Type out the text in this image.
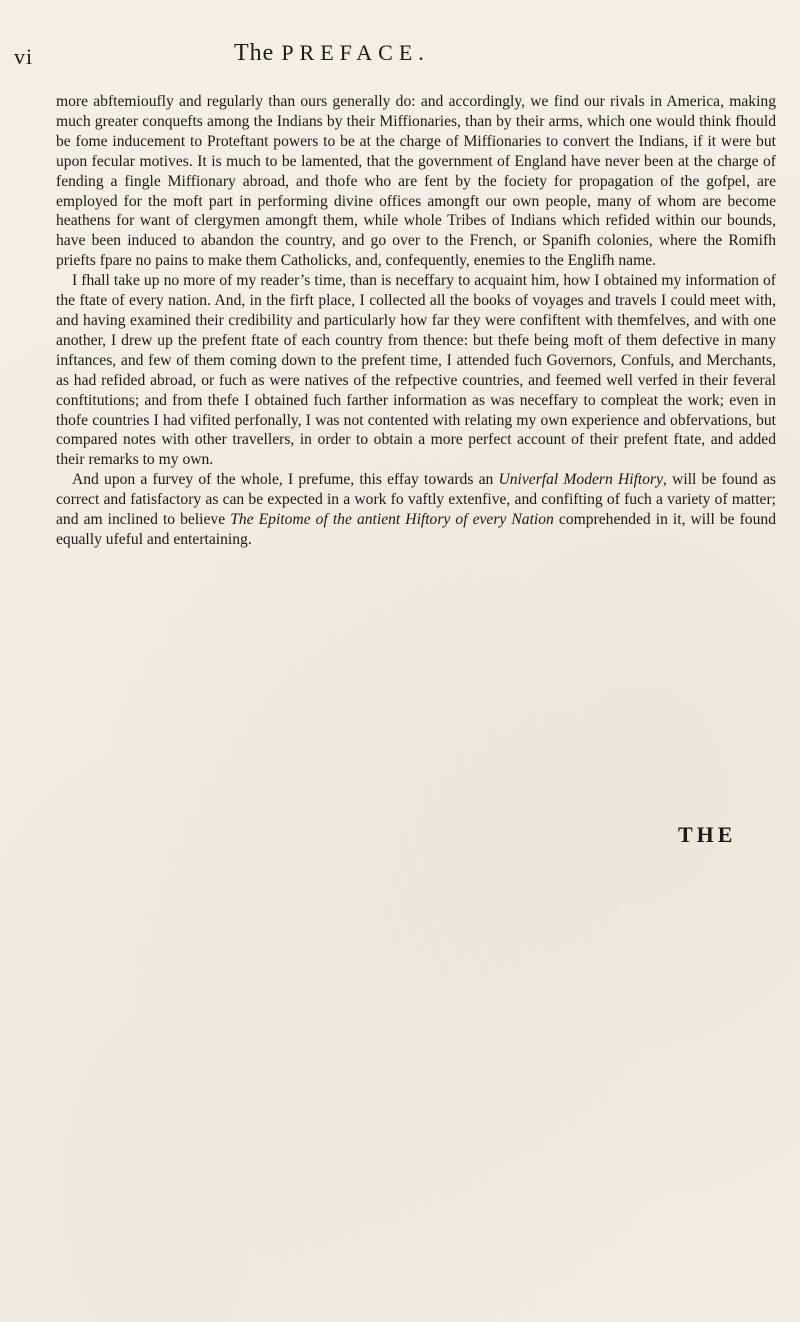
vi	The PREFACE.

more abftemioufly and regularly than ours generally do: and accordingly, we find our rivals in America, making much greater conquefts among the Indians by their Miffionaries, than by their arms, which one would think fhould be fome inducement to Proteftant powers to be at the charge of Miffionaries to convert the Indians, if it were but upon fecular motives. It is much to be lamented, that the government of England have never been at the charge of fending a fingle Miffionary abroad, and thofe who are fent by the fociety for propagation of the gofpel, are employed for the moft part in performing divine offices amongft our own people, many of whom are become heathens for want of clergymen amongft them, while whole Tribes of Indians which refided within our bounds, have been induced to abandon the country, and go over to the French, or Spanifh colonies, where the Romifh priefts fpare no pains to make them Catholicks, and, confequently, enemies to the Englifh name.

I fhall take up no more of my reader’s time, than is neceffary to acquaint him, how I obtained my information of the ftate of every nation. And, in the firft place, I collected all the books of voyages and travels I could meet with, and having examined their credibility and particularly how far they were confiftent with themfelves, and with one another, I drew up the prefent ftate of each country from thence: but thefe being moft of them defective in many inftances, and few of them coming down to the prefent time, I attended fuch Governors, Confuls, and Merchants, as had refided abroad, or fuch as were natives of the refpective countries, and feemed well verfed in their feveral conftitutions; and from thefe I obtained fuch farther information as was neceffary to compleat the work; even in thofe countries I had vifited perfonally, I was not contented with relating my own experience and obfervations, but compared notes with other travellers, in order to obtain a more perfect account of their prefent ftate, and added their remarks to my own.

And upon a furvey of the whole, I prefume, this effay towards an Univerfal Modern Hiftory, will be found as correct and fatisfactory as can be expected in a work fo vaftly extenfive, and confifting of fuch a variety of matter; and am inclined to believe The Epitome of the antient Hiftory of every Nation comprehended in it, will be found equally ufeful and entertaining.

THE
